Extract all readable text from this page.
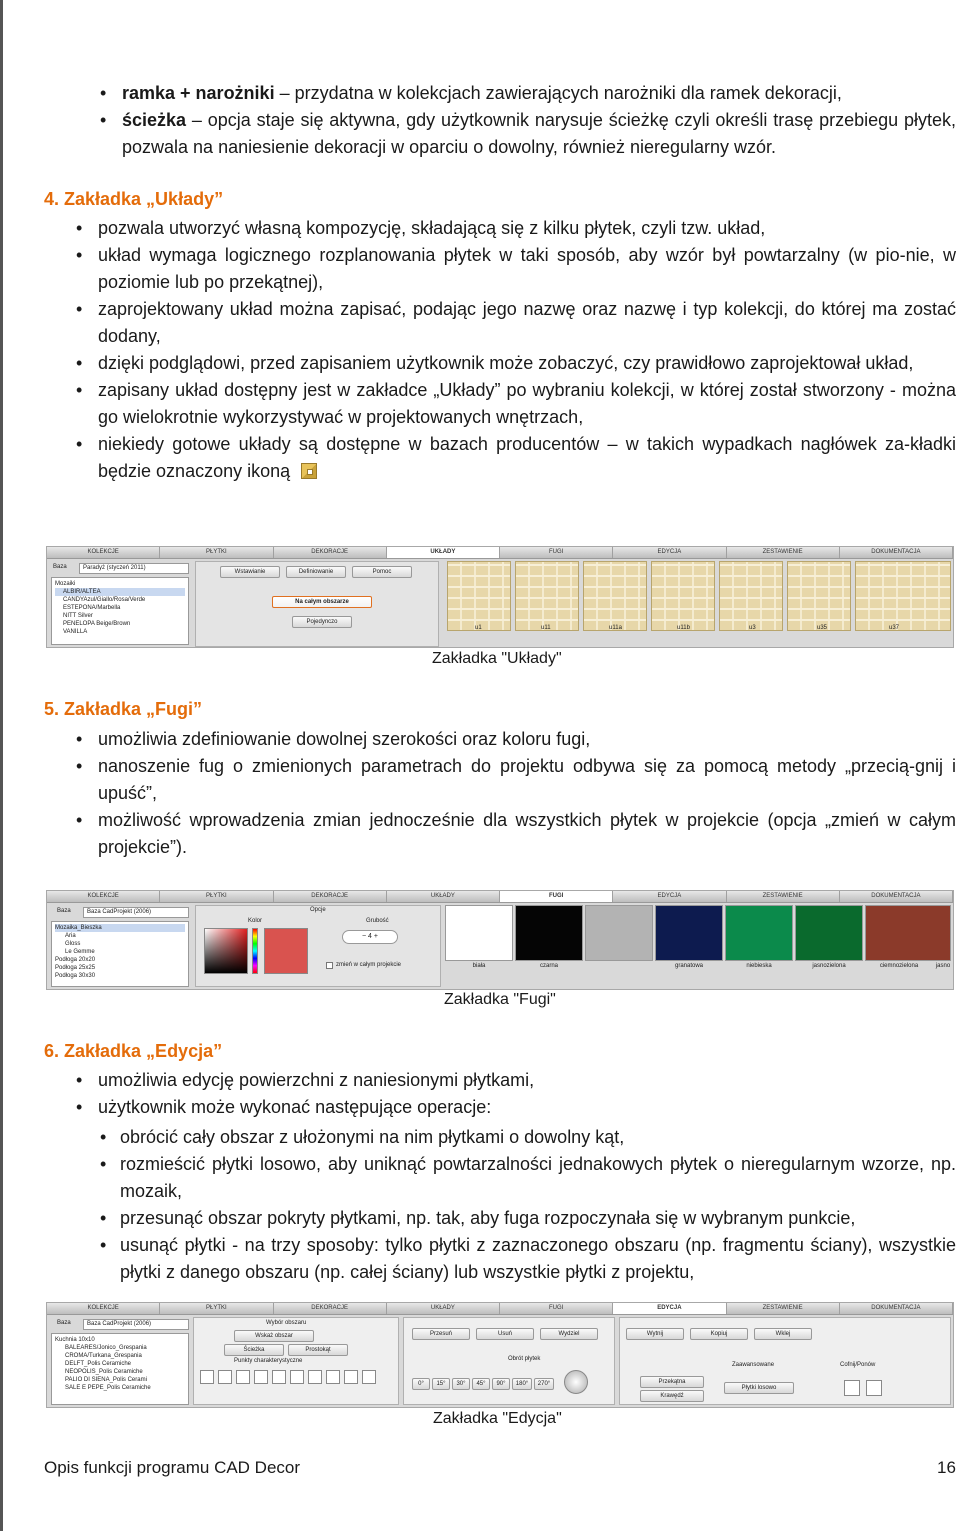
• ramka + narożniki – przydatna w kolekcjach zawierających narożniki dla ramek dekoracji,
• ścieżka – opcja staje się aktywna, gdy użytkownik narysuje ścieżkę czyli określi trasę przebiegu płytek, pozwala na naniesienie dekoracji w oparciu o dowolny, również nieregularny wzór.
4. Zakładka „Układy”
• pozwala utworzyć własną kompozycję, składającą się z kilku płytek, czyli tzw. układ,
• układ wymaga logicznego rozplanowania płytek w taki sposób, aby wzór był powtarzalny (w pio-nie, w poziomie lub po przekątnej),
• zaprojektowany układ można zapisać, podając jego nazwę oraz nazwę i typ kolekcji, do której ma zostać dodany,
• dzięki podglądowi, przed zapisaniem użytkownik może zobaczyć, czy prawidłowo zaprojektował układ,
• zapisany układ dostępny jest w zakładce „Układy” po wybraniu kolekcji, w której został stworzony - można go wielokrotnie wykorzystywać w projektowanych wnętrzach,
• niekiedy gotowe układy są dostępne w bazach producentów – w takich wypadkach nagłówek za-kładki będzie oznaczony ikoną
KOLEKCJE	PŁYTKI	DEKORACJE	UKŁADY	FUGI	EDYCJA	ZESTAWIENIE	DOKUMENTACJA
Baza	Paradyż (styczeń 2011)
Mozaiki
ALBIR/ALTEA
CANDYAzul/Giallo/Rosa/Verde
ESTEPONA/Marbella
NITT Silver
PENELOPA Beige/Brown
VANILLA
Wstawianie	Definiowanie	Pomoc
Na całym obszarze
Pojedynczo
u1	u11	u11a	u11b	u3	u35	u37
Zakładka "Układy"
5. Zakładka „Fugi”
• umożliwia zdefiniowanie dowolnej szerokości oraz koloru fugi,
• nanoszenie fug o zmienionych parametrach do projektu odbywa się za pomocą metody „przecią-gnij i upuść”,
• możliwość wprowadzenia zmian jednocześnie dla wszystkich płytek w projekcie (opcja „zmień w całym projekcie”).
KOLEKCJE	PŁYTKI	DEKORACJE	UKŁADY	FUGI	EDYCJA	ZESTAWIENIE	DOKUMENTACJA
Baza	Baza CadProjekt (2006)
Mozaika_Bieszka
Aria
Gloss
Le Gemme
Podłoga 20x20
Podłoga 25x25
Podłoga 30x30
Opcje
Kolor	Grubość
− 4 +
zmień w całym projekcie	biała	czarna	granatowa	niebieska	jasnozielona	ciemnozielona	jasno
Zakładka "Fugi"
6. Zakładka „Edycja”
• umożliwia edycję powierzchni z naniesionymi płytkami,
• użytkownik może wykonać następujące operacje:
• obrócić cały obszar z ułożonymi na nim płytkami o dowolny kąt,
• rozmieścić płytki losowo, aby uniknąć powtarzalności jednakowych płytek o nieregularnym wzorze, np. mozaik,
• przesunąć obszar pokryty płytkami, np. tak, aby fuga rozpoczynała się w wybranym punkcie,
• usunąć płytki - na trzy sposoby: tylko płytki z zaznaczonego obszaru (np. fragmentu ściany), wszystkie płytki z danego obszaru (np. całej ściany) lub wszystkie płytki z projektu,
KOLEKCJE	PŁYTKI	DEKORACJE	UKŁADY	FUGI	EDYCJA	ZESTAWIENIE	DOKUMENTACJA
Baza	Baza CadProjekt (2006)
Kuchnia 10x10
BALEARES/Jonico_Grespania
CROMA/Turkana_Grespania
DELFT_Polis Ceramiche
NEOPOLIS_Polis Ceramiche
PALIO DI SIENA_Polis Cerami
SALE E PEPE_Polis Ceramiche
Wybór obszaru
Wskaż obszar
Ścieżka	Prostokąt
Punkty charakterystyczne
Przesuń	Usuń	Wydziel
Obrót płytek
0°	15°	30°	45°	90°	180°	270°
Wytnij	Kopiuj	Wklej
Przekątna
Krawędź
Zaawansowane
Płytki losowo
Cofnij/Ponów
Zakładka "Edycja"
Opis funkcji programu CAD Decor	16
